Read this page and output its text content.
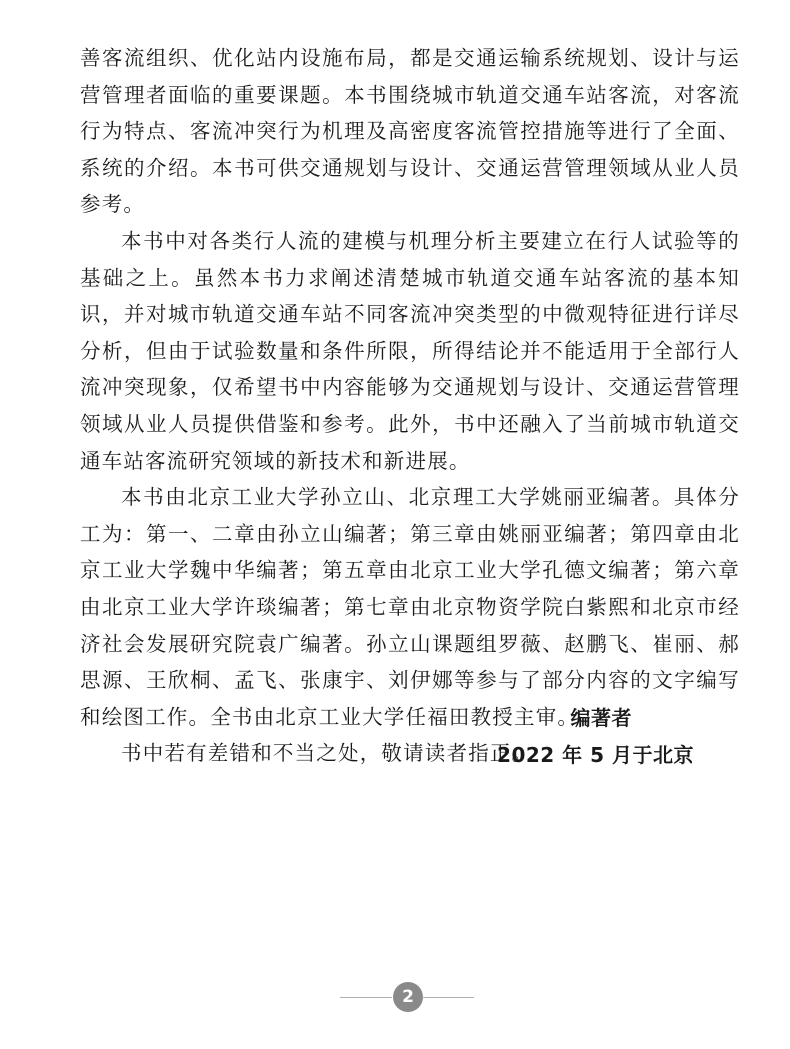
善客流组织、优化站内设施布局，都是交通运输系统规划、设计与运营管理者面临的重要课题。本书围绕城市轨道交通车站客流，对客流行为特点、客流冲突行为机理及高密度客流管控措施等进行了全面、系统的介绍。本书可供交通规划与设计、交通运营管理领域从业人员参考。

本书中对各类行人流的建模与机理分析主要建立在行人试验等的基础之上。虽然本书力求阐述清楚城市轨道交通车站客流的基本知识，并对城市轨道交通车站不同客流冲突类型的中微观特征进行详尽分析，但由于试验数量和条件所限，所得结论并不能适用于全部行人流冲突现象，仅希望书中内容能够为交通规划与设计、交通运营管理领域从业人员提供借鉴和参考。此外，书中还融入了当前城市轨道交通车站客流研究领域的新技术和新进展。

本书由北京工业大学孙立山、北京理工大学姚丽亚编著。具体分工为：第一、二章由孙立山编著；第三章由姚丽亚编著；第四章由北京工业大学魏中华编著；第五章由北京工业大学孔德文编著；第六章由北京工业大学许琰编著；第七章由北京物资学院白紫熙和北京市经济社会发展研究院袁广编著。孙立山课题组罗薇、赵鹏飞、崔丽、郝思源、王欣桐、孟飞、张康宇、刘伊娜等参与了部分内容的文字编写和绘图工作。全书由北京工业大学任福田教授主审。

书中若有差错和不当之处，敬请读者指正。

编著者
2022 年 5 月于北京
2
